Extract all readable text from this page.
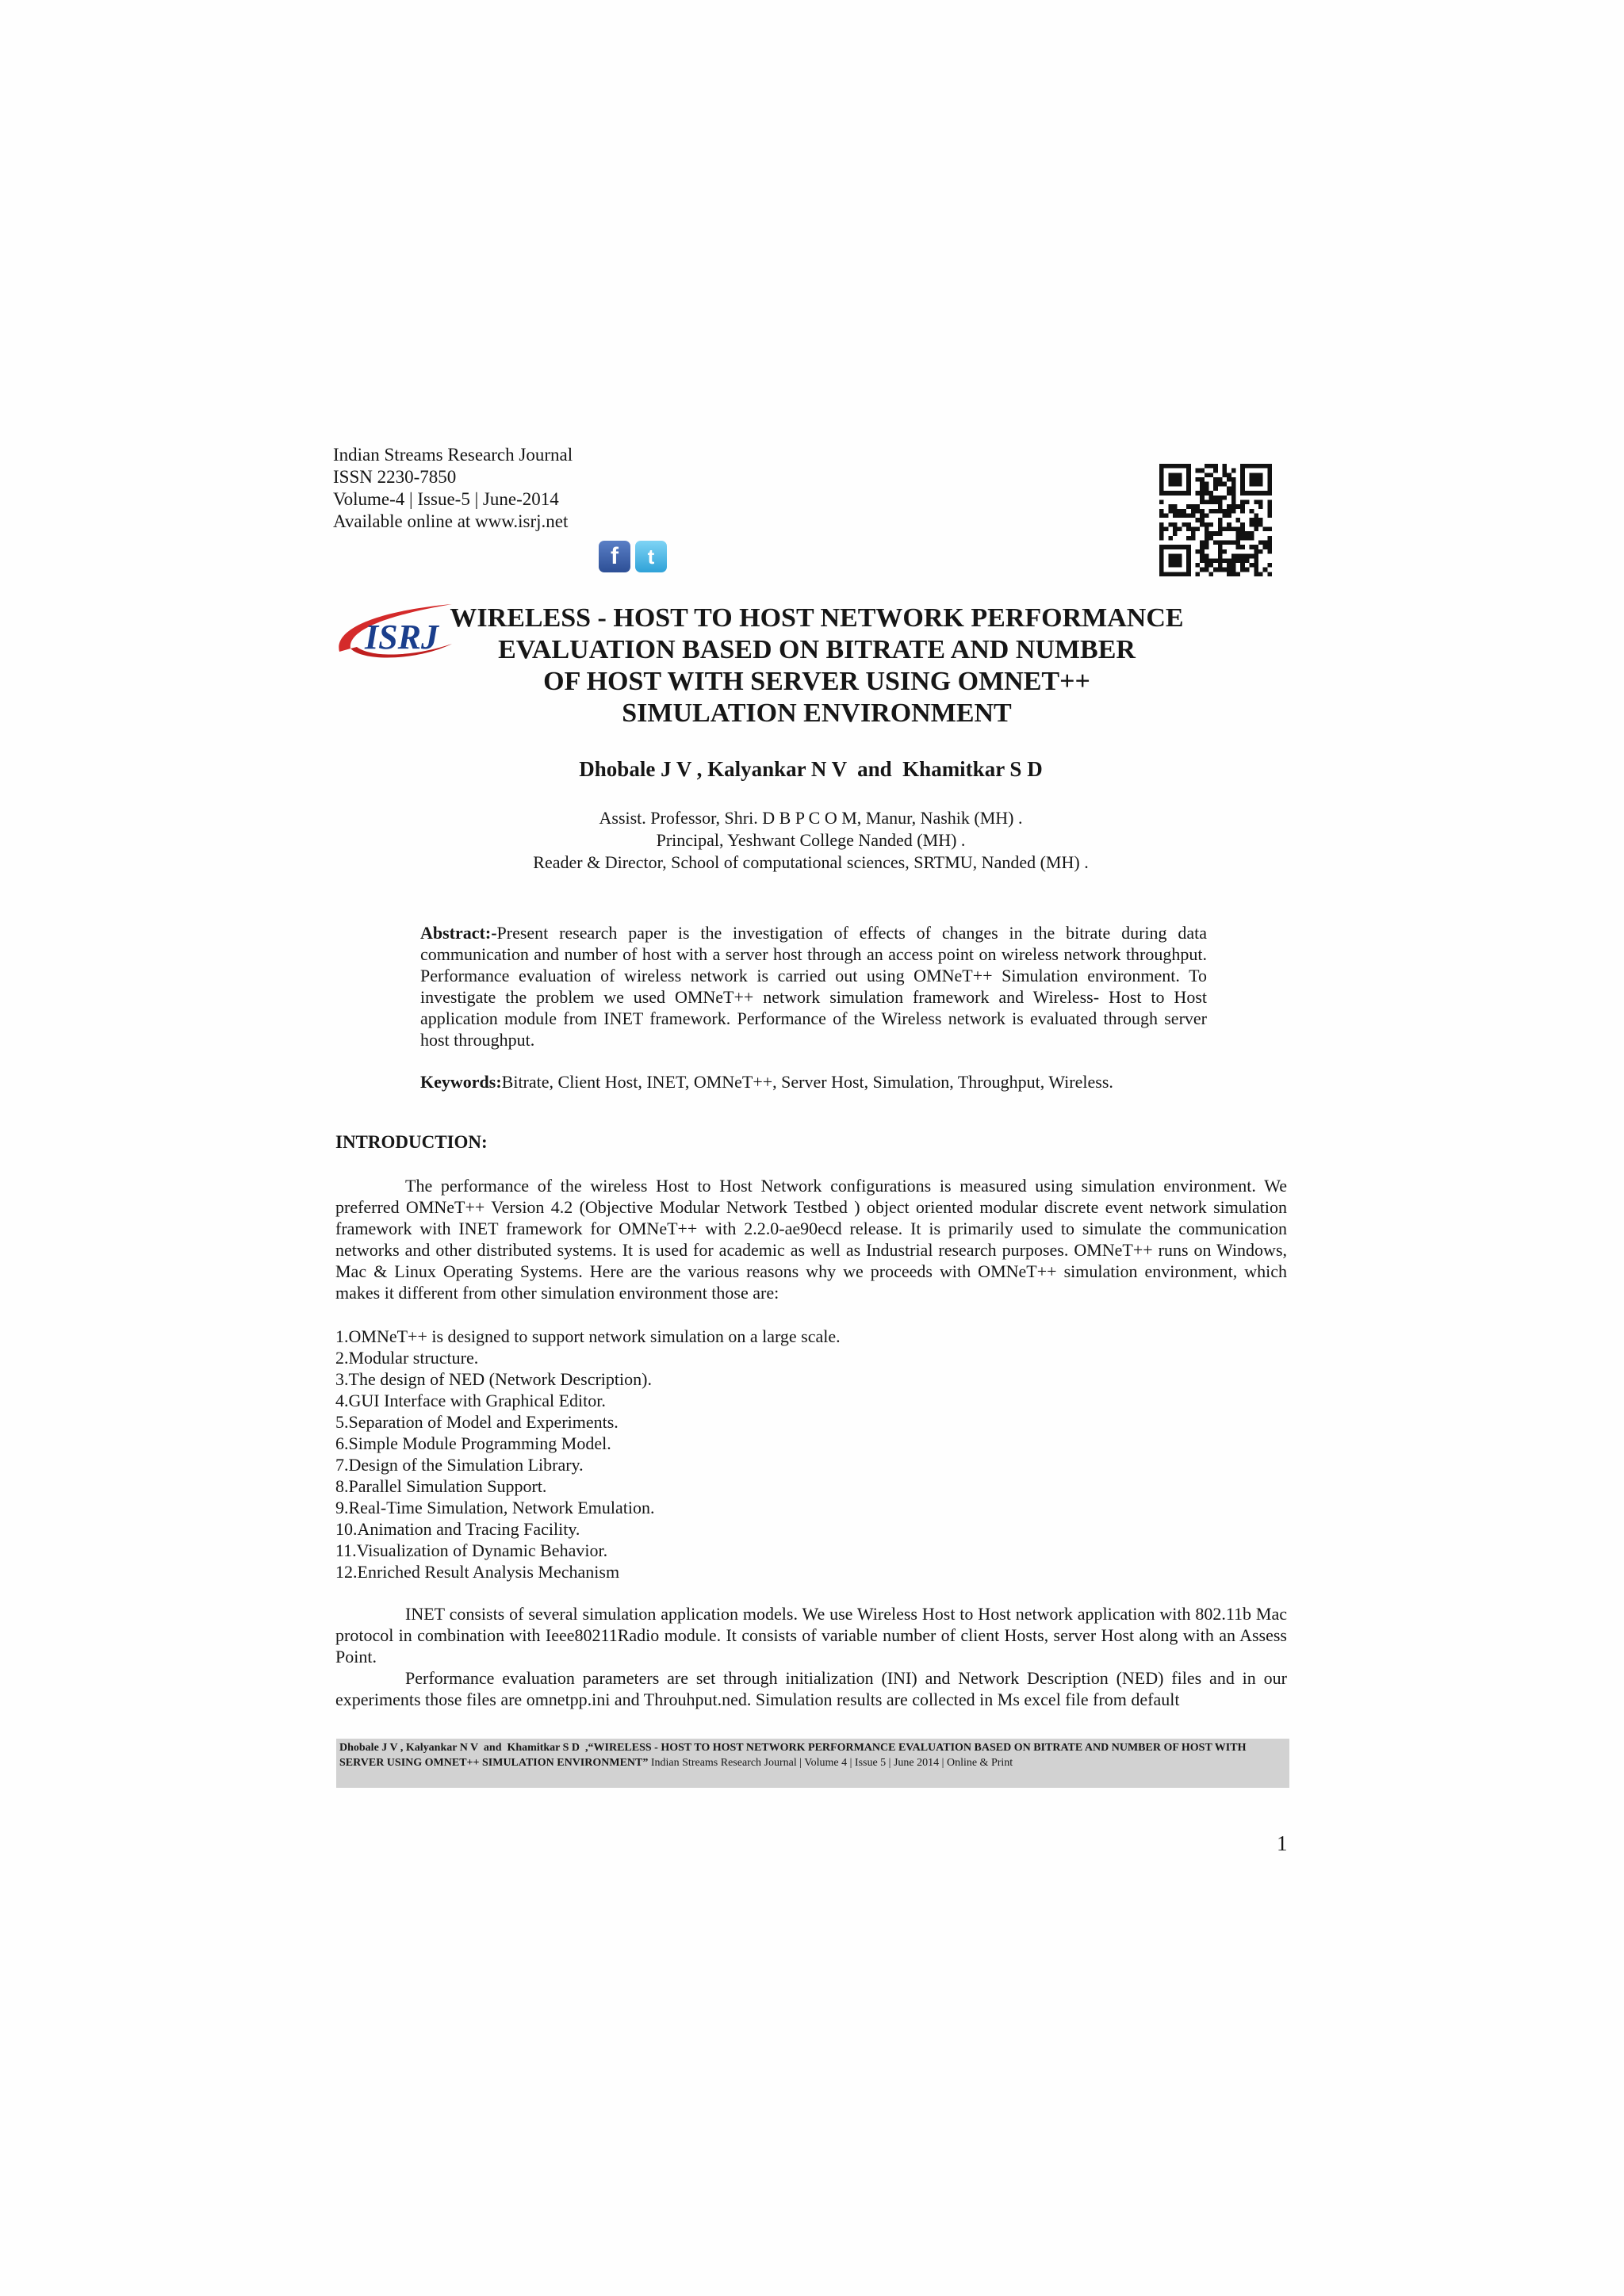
Indian Streams Research Journal
ISSN 2230-7850
Volume-4 | Issue-5 | June-2014
Available online at www.isrj.net
f	t
ISRJ WIRELESS - HOST TO HOST NETWORK PERFORMANCE
EVALUATION BASED ON BITRATE AND NUMBER
OF HOST WITH SERVER USING OMNET++
SIMULATION ENVIRONMENT
Dhobale J V , Kalyankar N V  and  Khamitkar S D
Assist. Professor, Shri. D B P C O M, Manur, Nashik (MH) .
Principal, Yeshwant College Nanded (MH) .
Reader & Director, School of computational sciences, SRTMU, Nanded (MH) .
Abstract:-Present research paper is the investigation of effects of changes in the bitrate during data communication and number of host with a server host through an access point on wireless network throughput. Performance evaluation of wireless network is carried out using OMNeT++ Simulation environment. To investigate the problem we used OMNeT++ network simulation framework and Wireless- Host to Host application module from INET framework. Performance of the Wireless network is evaluated through server host throughput.
Keywords:Bitrate, Client Host, INET, OMNeT++, Server Host, Simulation, Throughput, Wireless.
INTRODUCTION:
The performance of the wireless Host to Host Network configurations is measured using simulation environment. We preferred OMNeT++ Version 4.2 (Objective Modular Network Testbed ) object oriented modular discrete event network simulation framework with INET framework for OMNeT++ with 2.2.0-ae90ecd release. It is primarily used to simulate the communication networks and other distributed systems. It is used for academic as well as Industrial research purposes. OMNeT++ runs on Windows, Mac & Linux Operating Systems. Here are the various reasons why we proceeds with OMNeT++ simulation environment, which makes it different from other simulation environment those are:
1.OMNeT++ is designed to support network simulation on a large scale.
2.Modular structure.
3.The design of NED (Network Description).
4.GUI Interface with Graphical Editor.
5.Separation of Model and Experiments.
6.Simple Module Programming Model.
7.Design of the Simulation Library.
8.Parallel Simulation Support.
9.Real-Time Simulation, Network Emulation.
10.Animation and Tracing Facility.
11.Visualization of Dynamic Behavior.
12.Enriched Result Analysis Mechanism
INET consists of several simulation application models. We use Wireless Host to Host network application with 802.11b Mac protocol in combination with Ieee80211Radio module. It consists of variable number of client Hosts, server Host along with an Assess Point.
Performance evaluation parameters are set through initialization (INI) and Network Description (NED) files and in our experiments those files are omnetpp.ini and Throuhput.ned. Simulation results are collected in Ms excel file from default
Dhobale J V , Kalyankar N V  and  Khamitkar S D  ,“WIRELESS - HOST TO HOST NETWORK PERFORMANCE EVALUATION BASED ON BITRATE AND NUMBER OF HOST WITH SERVER USING OMNET++ SIMULATION ENVIRONMENT” Indian Streams Research Journal | Volume 4 | Issue 5 | June 2014 | Online & Print
1
